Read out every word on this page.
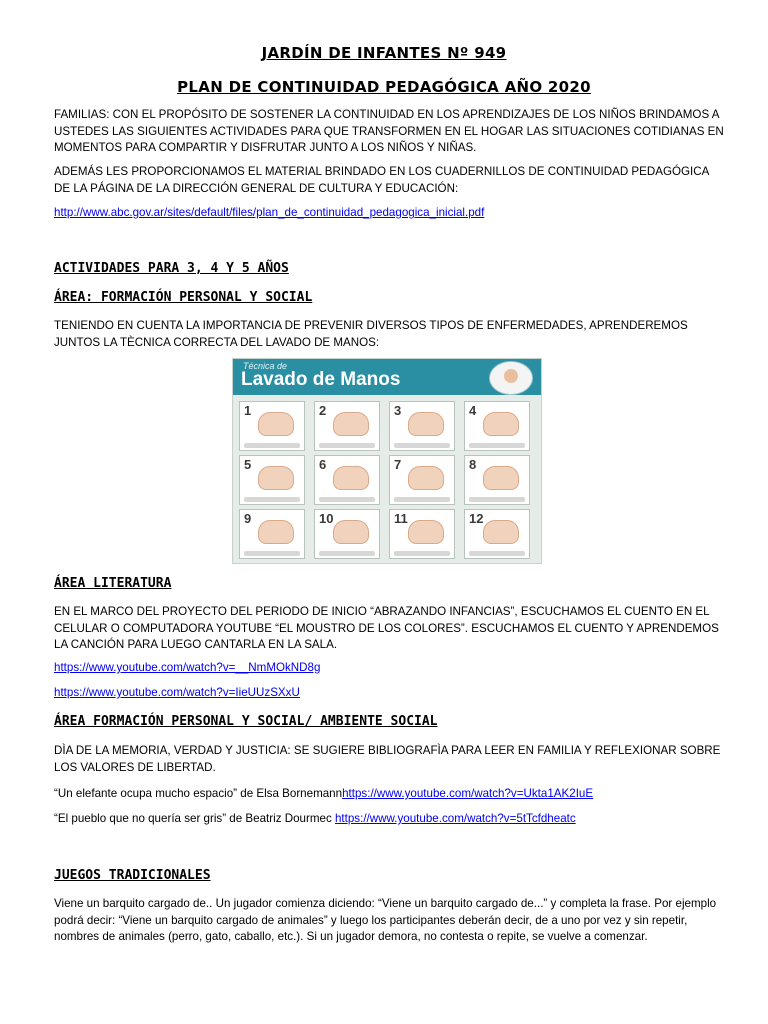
JARDÍN DE INFANTES Nº 949
PLAN DE CONTINUIDAD PEDAGÓGICA AÑO 2020
FAMILIAS: CON EL PROPÓSITO DE SOSTENER LA CONTINUIDAD EN LOS APRENDIZAJES DE LOS NIÑOS BRINDAMOS A USTEDES LAS SIGUIENTES ACTIVIDADES PARA QUE TRANSFORMEN EN EL HOGAR LAS SITUACIONES COTIDIANAS EN MOMENTOS PARA COMPARTIR Y DISFRUTAR JUNTO A LOS NIÑOS Y NIÑAS.
ADEMÁS LES PROPORCIONAMOS EL MATERIAL BRINDADO EN LOS CUADERNILLOS DE CONTINUIDAD PEDAGÓGICA DE LA PÁGINA DE LA DIRECCIÓN GENERAL DE CULTURA Y EDUCACIÓN:
http://www.abc.gov.ar/sites/default/files/plan_de_continuidad_pedagogica_inicial.pdf
ACTIVIDADES PARA 3, 4 Y 5 AÑOS
ÁREA: FORMACIÓN PERSONAL Y SOCIAL
TENIENDO EN CUENTA LA IMPORTANCIA DE PREVENIR DIVERSOS TIPOS DE ENFERMEDADES, APRENDEREMOS JUNTOS LA TÈCNICA CORRECTA DEL LAVADO DE MANOS:
Técnica de
Lavado de Manos
1	2	3	4
5	6	7	8
9	10	11	12
ÁREA LITERATURA
EN EL MARCO DEL PROYECTO DEL PERIODO DE INICIO “ABRAZANDO INFANCIAS”, ESCUCHAMOS EL CUENTO EN EL CELULAR O COMPUTADORA YOUTUBE “EL MOUSTRO DE LOS COLORES”. ESCUCHAMOS EL CUENTO Y APRENDEMOS LA CANCIÓN PARA LUEGO CANTARLA EN LA SALA.
https://www.youtube.com/watch?v=__NmMOkND8g
https://www.youtube.com/watch?v=IieUUzSXxU
ÁREA FORMACIÓN PERSONAL Y SOCIAL/ AMBIENTE SOCIAL
DÌA DE LA MEMORIA, VERDAD Y JUSTICIA: SE SUGIERE BIBLIOGRAFÌA PARA LEER EN FAMILIA Y REFLEXIONAR SOBRE LOS VALORES DE LIBERTAD.
“Un elefante ocupa mucho espacio” de Elsa Bornemannhttps://www.youtube.com/watch?v=Ukta1AK2IuE
“El pueblo que no quería ser gris” de Beatriz Dourmec https://www.youtube.com/watch?v=5tTcfdheatc
JUEGOS TRADICIONALES
Viene un barquito cargado de.. Un jugador comienza diciendo: “Viene un barquito cargado de...” y completa la frase. Por ejemplo podrá decir: “Viene un barquito cargado de animales” y luego los participantes deberán decir, de a uno por vez y sin repetir, nombres de animales (perro, gato, caballo, etc.). Si un jugador demora, no contesta o repite, se vuelve a comenzar.
